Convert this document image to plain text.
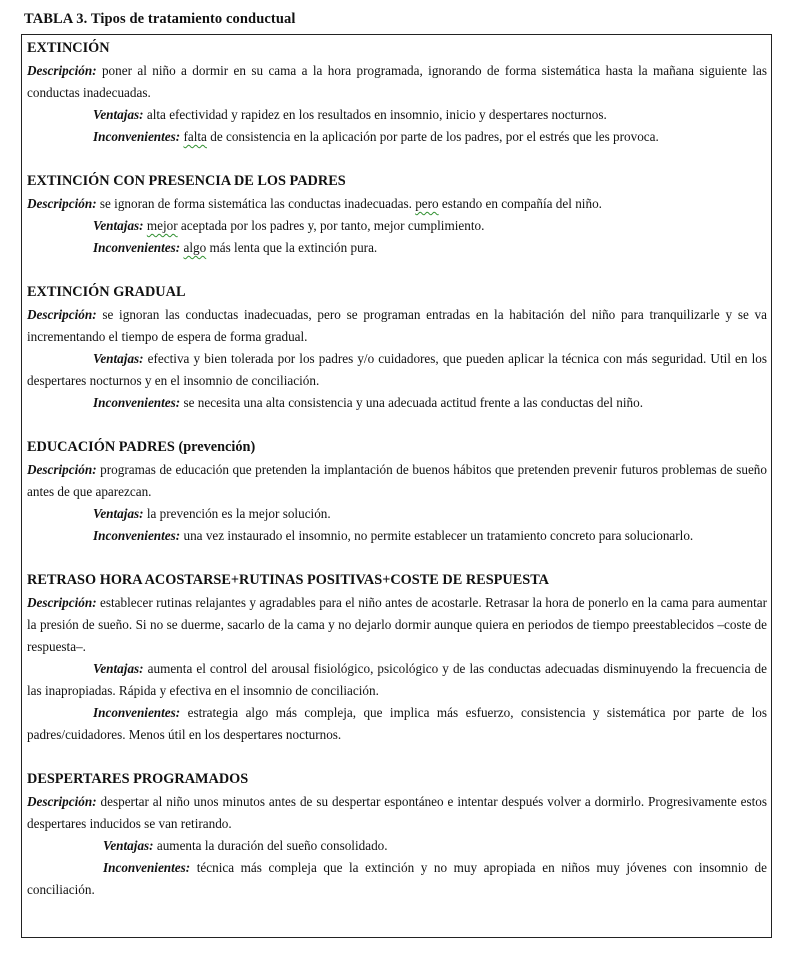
TABLA 3. Tipos de tratamiento conductual
EXTINCIÓN
Descripción: poner al niño a dormir en su cama a la hora programada, ignorando de forma sistemática hasta la mañana siguiente las conductas inadecuadas.
Ventajas: alta efectividad y rapidez en los resultados en insomnio, inicio y despertares nocturnos.
Inconvenientes: falta de consistencia en la aplicación por parte de los padres, por el estrés que les provoca.
EXTINCIÓN CON PRESENCIA DE LOS PADRES
Descripción: se ignoran de forma sistemática las conductas inadecuadas. pero estando en compañía del niño.
Ventajas: mejor aceptada por los padres y, por tanto, mejor cumplimiento.
Inconvenientes: algo más lenta que la extinción pura.
EXTINCIÓN GRADUAL
Descripción: se ignoran las conductas inadecuadas, pero se programan entradas en la habitación del niño para tranquilizarle y se va incrementando el tiempo de espera de forma gradual.
Ventajas: efectiva y bien tolerada por los padres y/o cuidadores, que pueden aplicar la técnica con más seguridad. Util en los despertares nocturnos y en el insomnio de conciliación.
Inconvenientes: se necesita una alta consistencia y una adecuada actitud frente a las conductas del niño.
EDUCACIÓN PADRES (prevención)
Descripción: programas de educación que pretenden la implantación de buenos hábitos que pretenden prevenir futuros problemas de sueño antes de que aparezcan.
Ventajas: la prevención es la mejor solución.
Inconvenientes: una vez instaurado el insomnio, no permite establecer un tratamiento concreto para solucionarlo.
RETRASO HORA ACOSTARSE+RUTINAS POSITIVAS+COSTE DE RESPUESTA
Descripción: establecer rutinas relajantes y agradables para el niño antes de acostarle. Retrasar la hora de ponerlo en la cama para aumentar la presión de sueño. Si no se duerme, sacarlo de la cama y no dejarlo dormir aunque quiera en periodos de tiempo preestablecidos –coste de respuesta–.
Ventajas: aumenta el control del arousal fisiológico, psicológico y de las conductas adecuadas disminuyendo la frecuencia de las inapropiadas. Rápida y efectiva en el insomnio de conciliación.
Inconvenientes: estrategia algo más compleja, que implica más esfuerzo, consistencia y sistemática por parte de los padres/cuidadores. Menos útil en los despertares nocturnos.
DESPERTARES PROGRAMADOS
Descripción: despertar al niño unos minutos antes de su despertar espontáneo e intentar después volver a dormirlo. Progresivamente estos despertares inducidos se van retirando.
Ventajas: aumenta la duración del sueño consolidado.
Inconvenientes: técnica más compleja que la extinción y no muy apropiada en niños muy jóvenes con insomnio de conciliación.
